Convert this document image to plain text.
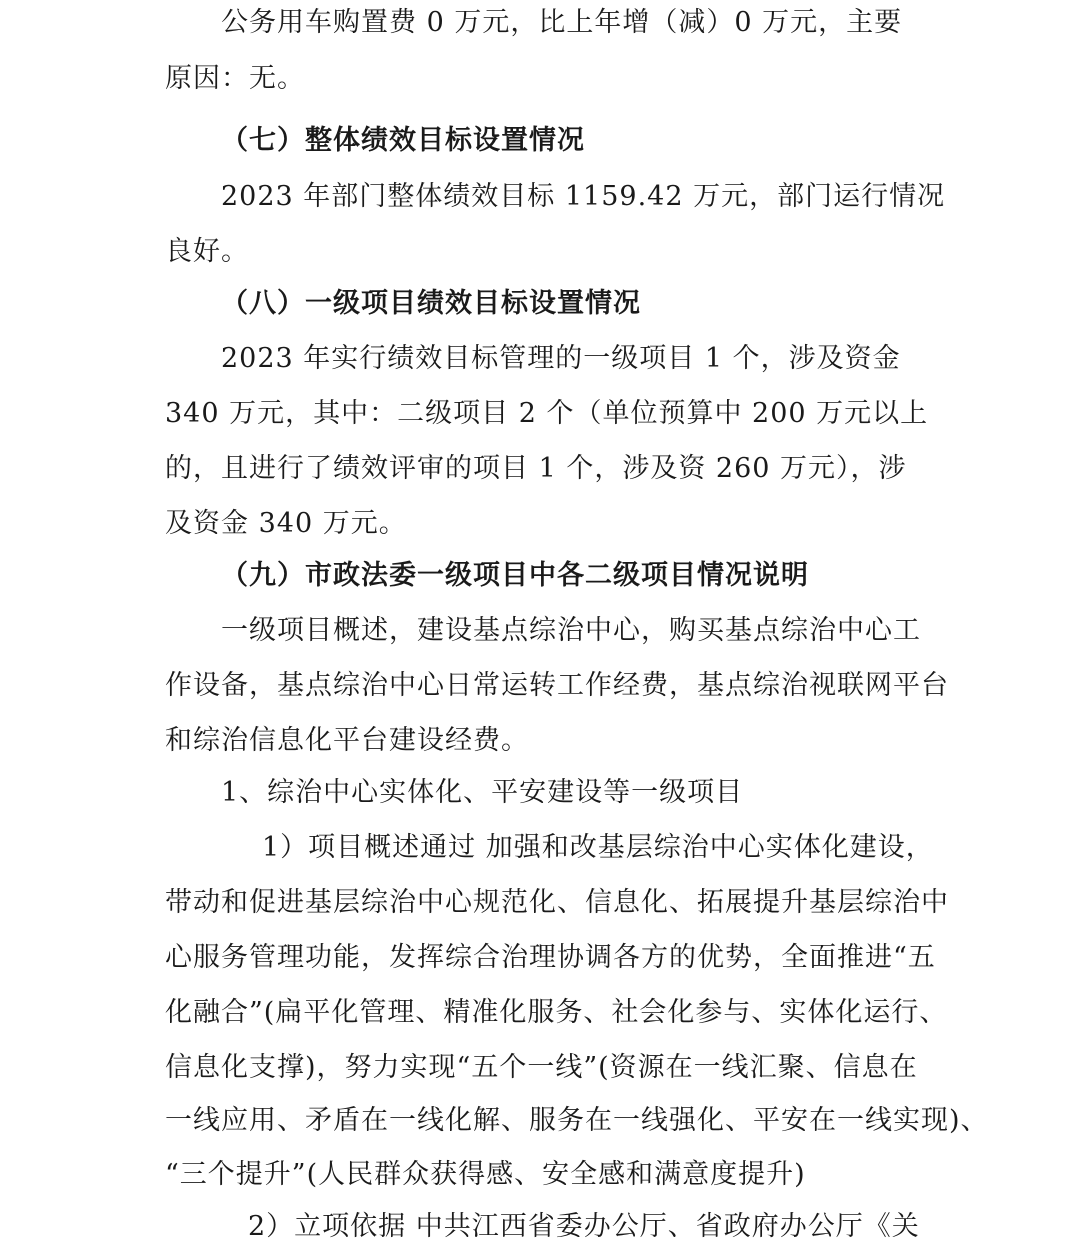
公务用车购置费 0 万元，比上年增（减）0 万元，主要
原因：无。
（七）整体绩效目标设置情况
2023 年部门整体绩效目标 1159.42 万元，部门运行情况
良好。
（八）一级项目绩效目标设置情况
2023 年实行绩效目标管理的一级项目 1 个，涉及资金
340 万元，其中：二级项目 2 个（单位预算中 200 万元以上
的，且进行了绩效评审的项目 1 个，涉及资 260 万元），涉
及资金 340 万元。
（九）市政法委一级项目中各二级项目情况说明
一级项目概述，建设基点综治中心，购买基点综治中心工
作设备，基点综治中心日常运转工作经费，基点综治视联网平台
和综治信息化平台建设经费。
1、综治中心实体化、平安建设等一级项目
1）项目概述通过 加强和改基层综治中心实体化建设，
带动和促进基层综治中心规范化、信息化、拓展提升基层综治中
心服务管理功能，发挥综合治理协调各方的优势，全面推进“五
化融合”(扁平化管理、精准化服务、社会化参与、实体化运行、
信息化支撑)，努力实现“五个一线”(资源在一线汇聚、信息在
一线应用、矛盾在一线化解、服务在一线强化、平安在一线实现)、
“三个提升”(人民群众获得感、安全感和满意度提升)
2）立项依据 中共江西省委办公厅、省政府办公厅《关
